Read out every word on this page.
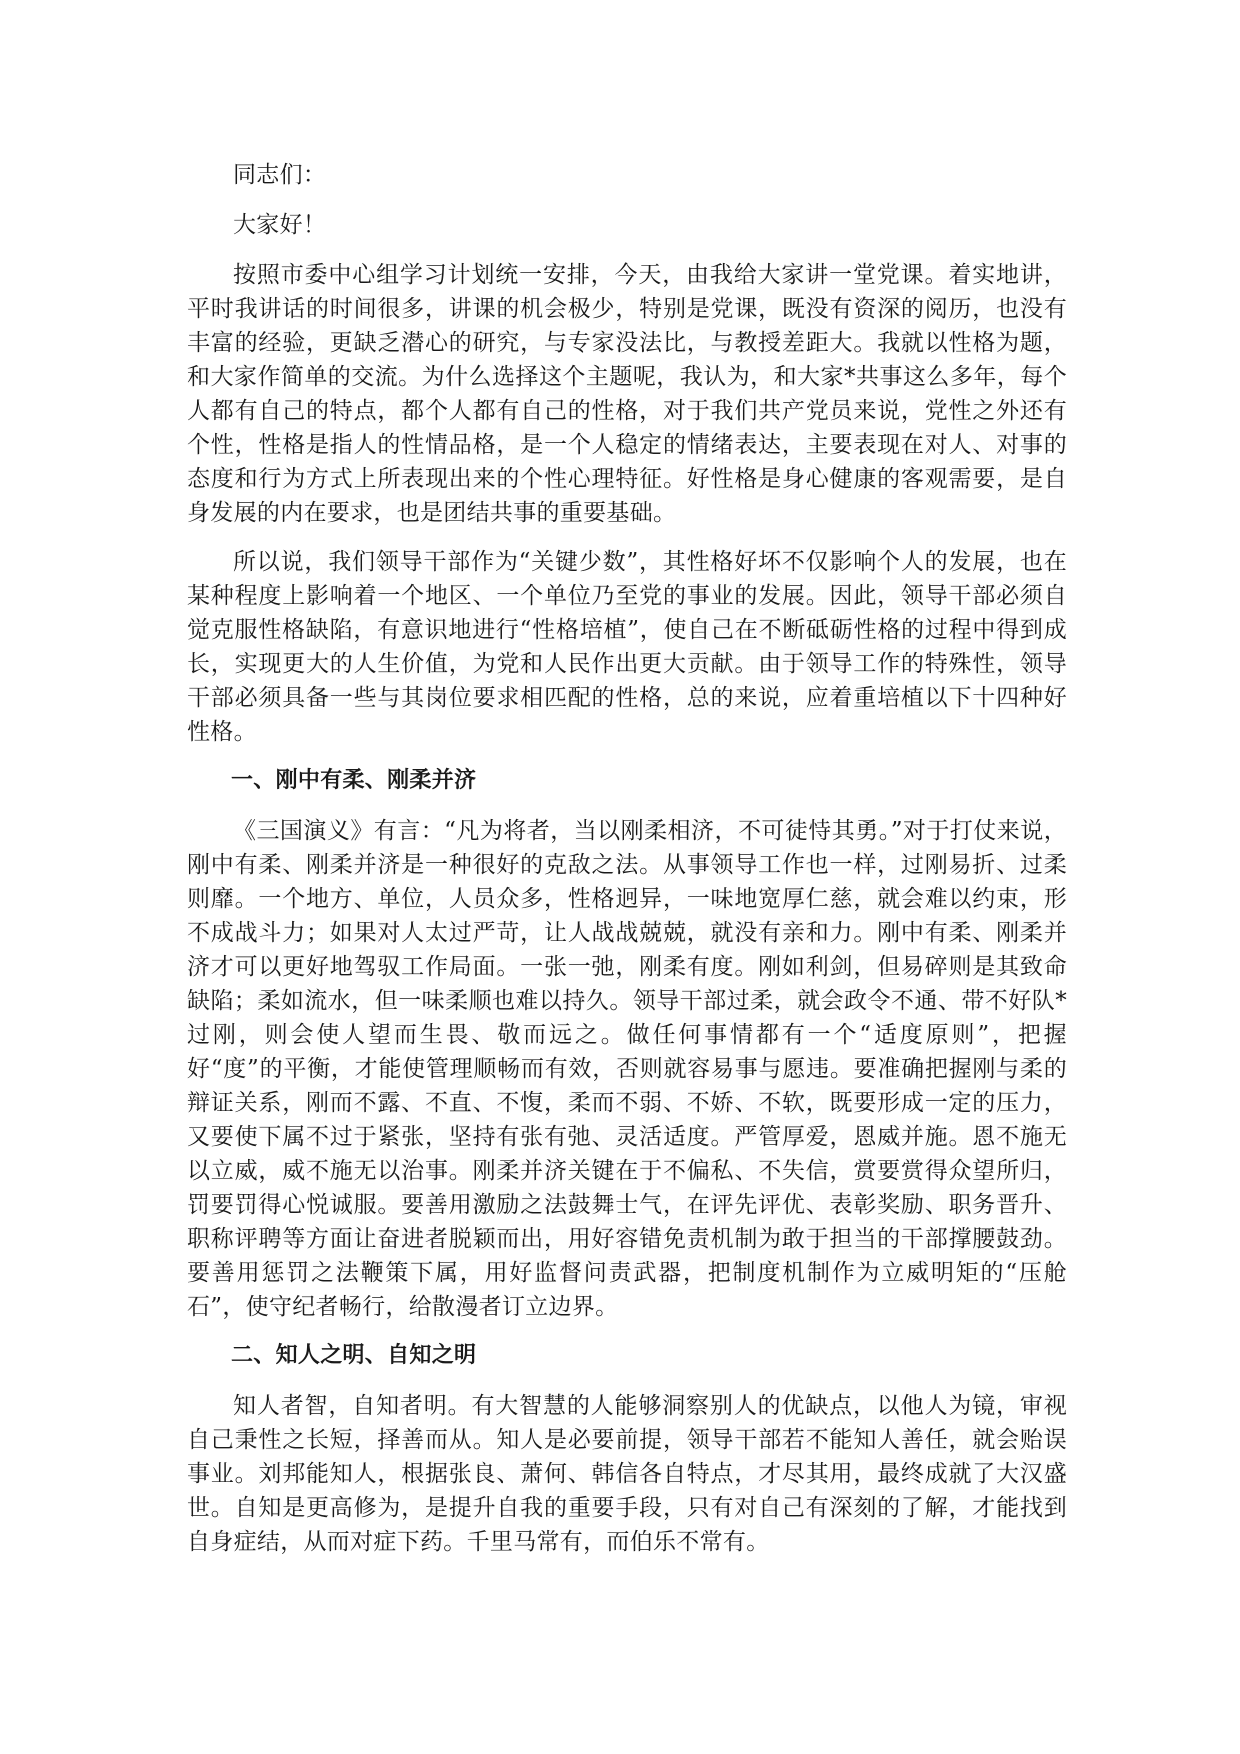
同志们：

大家好！

按照市委中心组学习计划统一安排，今天，由我给大家讲一堂党课。着实地讲，平时我讲话的时间很多，讲课的机会极少，特别是党课，既没有资深的阅历，也没有丰富的经验，更缺乏潜心的研究，与专家没法比，与教授差距大。我就以性格为题，和大家作简单的交流。为什么选择这个主题呢，我认为，和大家*共事这么多年，每个人都有自己的特点，都个人都有自己的性格，对于我们共产党员来说，党性之外还有个性，性格是指人的性情品格，是一个人稳定的情绪表达，主要表现在对人、对事的态度和行为方式上所表现出来的个性心理特征。好性格是身心健康的客观需要，是自身发展的内在要求，也是团结共事的重要基础。

所以说，我们领导干部作为“关键少数”，其性格好坏不仅影响个人的发展，也在某种程度上影响着一个地区、一个单位乃至党的事业的发展。因此，领导干部必须自觉克服性格缺陷，有意识地进行“性格培植”，使自己在不断砥砺性格的过程中得到成长，实现更大的人生价值，为党和人民作出更大贡献。由于领导工作的特殊性，领导干部必须具备一些与其岗位要求相匹配的性格，总的来说，应着重培植以下十四种好性格。

一、刚中有柔、刚柔并济

《三国演义》有言：“凡为将者，当以刚柔相济，不可徒恃其勇。”对于打仗来说，刚中有柔、刚柔并济是一种很好的克敌之法。从事领导工作也一样，过刚易折、过柔则靡。一个地方、单位，人员众多，性格迥异，一味地宽厚仁慈，就会难以约束，形不成战斗力；如果对人太过严苛，让人战战兢兢，就没有亲和力。刚中有柔、刚柔并济才可以更好地驾驭工作局面。一张一弛，刚柔有度。刚如利剑，但易碎则是其致命缺陷；柔如流水，但一味柔顺也难以持久。领导干部过柔，就会政令不通、带不好队*过刚，则会使人望而生畏、敬而远之。做任何事情都有一个“适度原则”，把握好“度”的平衡，才能使管理顺畅而有效，否则就容易事与愿违。要准确把握刚与柔的辩证关系，刚而不露、不直、不愎，柔而不弱、不娇、不软，既要形成一定的压力，又要使下属不过于紧张，坚持有张有弛、灵活适度。严管厚爱，恩威并施。恩不施无以立威，威不施无以治事。刚柔并济关键在于不偏私、不失信，赏要赏得众望所归，罚要罚得心悦诚服。要善用激励之法鼓舞士气，在评先评优、表彰奖励、职务晋升、职称评聘等方面让奋进者脱颖而出，用好容错免责机制为敢于担当的干部撑腰鼓劲。要善用惩罚之法鞭策下属，用好监督问责武器，把制度机制作为立威明矩的“压舱石”，使守纪者畅行，给散漫者订立边界。

二、知人之明、自知之明

知人者智，自知者明。有大智慧的人能够洞察别人的优缺点，以他人为镜，审视自己秉性之长短，择善而从。知人是必要前提，领导干部若不能知人善任，就会贻误事业。刘邦能知人，根据张良、萧何、韩信各自特点，才尽其用，最终成就了大汉盛世。自知是更高修为，是提升自我的重要手段，只有对自己有深刻的了解，才能找到自身症结，从而对症下药。千里马常有，而伯乐不常有。
